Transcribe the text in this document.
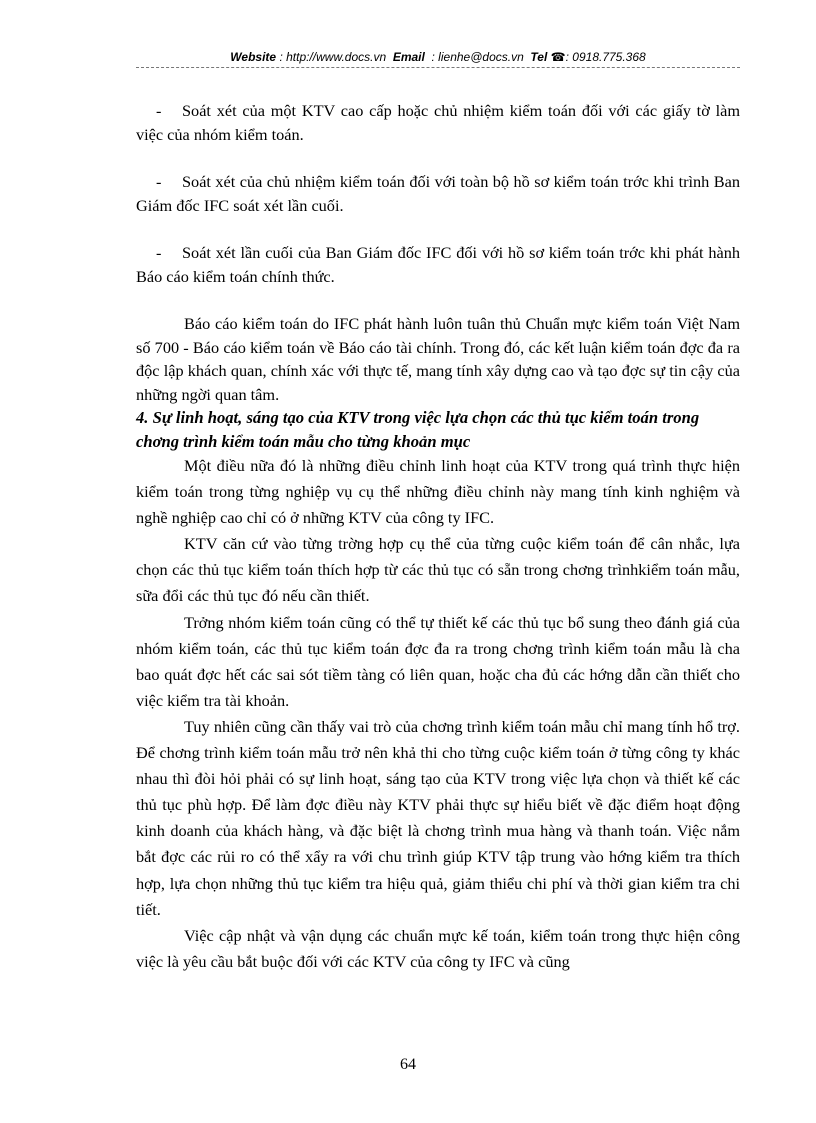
Website : http://www.docs.vn Email : lienhe@docs.vn Tel ☎: 0918.775.368

- Soát xét của một KTV cao cấp hoặc chủ nhiệm kiểm toán đối với các giấy tờ làm việc của nhóm kiểm toán.

- Soát xét của chủ nhiệm kiểm toán đối với toàn bộ hồ sơ kiểm toán trớc khi trình Ban Giám đốc IFC soát xét lần cuối.

- Soát xét lần cuối của Ban Giám đốc IFC đối với hồ sơ kiểm toán trớc khi phát hành Báo cáo kiểm toán chính thức.

Báo cáo kiểm toán do IFC phát hành luôn tuân thủ Chuẩn mực kiểm toán Việt Nam số 700 - Báo cáo kiểm toán về Báo cáo tài chính. Trong đó, các kết luận kiểm toán đợc đa ra độc lập khách quan, chính xác với thực tế, mang tính xây dựng cao và tạo đợc sự tin cậy của những ngời quan tâm.

4. Sự linh hoạt, sáng tạo của KTV trong việc lựa chọn các thủ tục kiểm toán trong chơng trình kiểm toán mẫu cho từng khoản mục

Một điều nữa đó là những điều chỉnh linh hoạt của KTV trong quá trình thực hiện kiểm toán trong từng nghiệp vụ cụ thể những điều chỉnh này mang tính kinh nghiệm và nghề nghiệp cao chỉ có ở những KTV của công ty IFC.

KTV căn cứ vào từng trờng hợp cụ thể của từng cuộc kiểm toán để cân nhắc, lựa chọn các thủ tục kiểm toán thích hợp từ các thủ tục có sẵn trong chơng trìnhkiểm toán mẫu, sữa đổi các thủ tục đó nếu cần thiết.

Trởng nhóm kiểm toán cũng có thể tự thiết kế các thủ tục bổ sung theo đánh giá của nhóm kiểm toán, các thủ tục kiểm toán đợc đa ra trong chơng trình kiểm toán mẫu là cha bao quát đợc hết các sai sót tiềm tàng có liên quan, hoặc cha đủ các hớng dẫn cần thiết cho việc kiểm tra tài khoản.

Tuy nhiên cũng cần thấy vai trò của chơng trình kiểm toán mẫu chỉ mang tính hổ trợ. Để chơng trình kiểm toán mẫu trở nên khả thi cho từng cuộc kiểm toán ở từng công ty khác nhau thì đòi hỏi phải có sự linh hoạt, sáng tạo của KTV trong việc lựa chọn và thiết kế các thủ tục phù hợp. Để làm đợc điều này KTV phải thực sự hiểu biết về đặc điểm hoạt động kinh doanh của khách hàng, và đặc biệt là chơng trình mua hàng và thanh toán. Việc nắm bắt đợc các rủi ro có thể xẩy ra với chu trình giúp KTV tập trung vào hớng kiểm tra thích hợp, lựa chọn những thủ tục kiểm tra hiệu quả, giảm thiểu chi phí và thời gian kiểm tra chi tiết.

Việc cập nhật và vận dụng các chuẩn mực kế toán, kiểm toán trong thực hiện công việc là yêu cầu bắt buộc đối với các KTV của công ty IFC và cũng

64
